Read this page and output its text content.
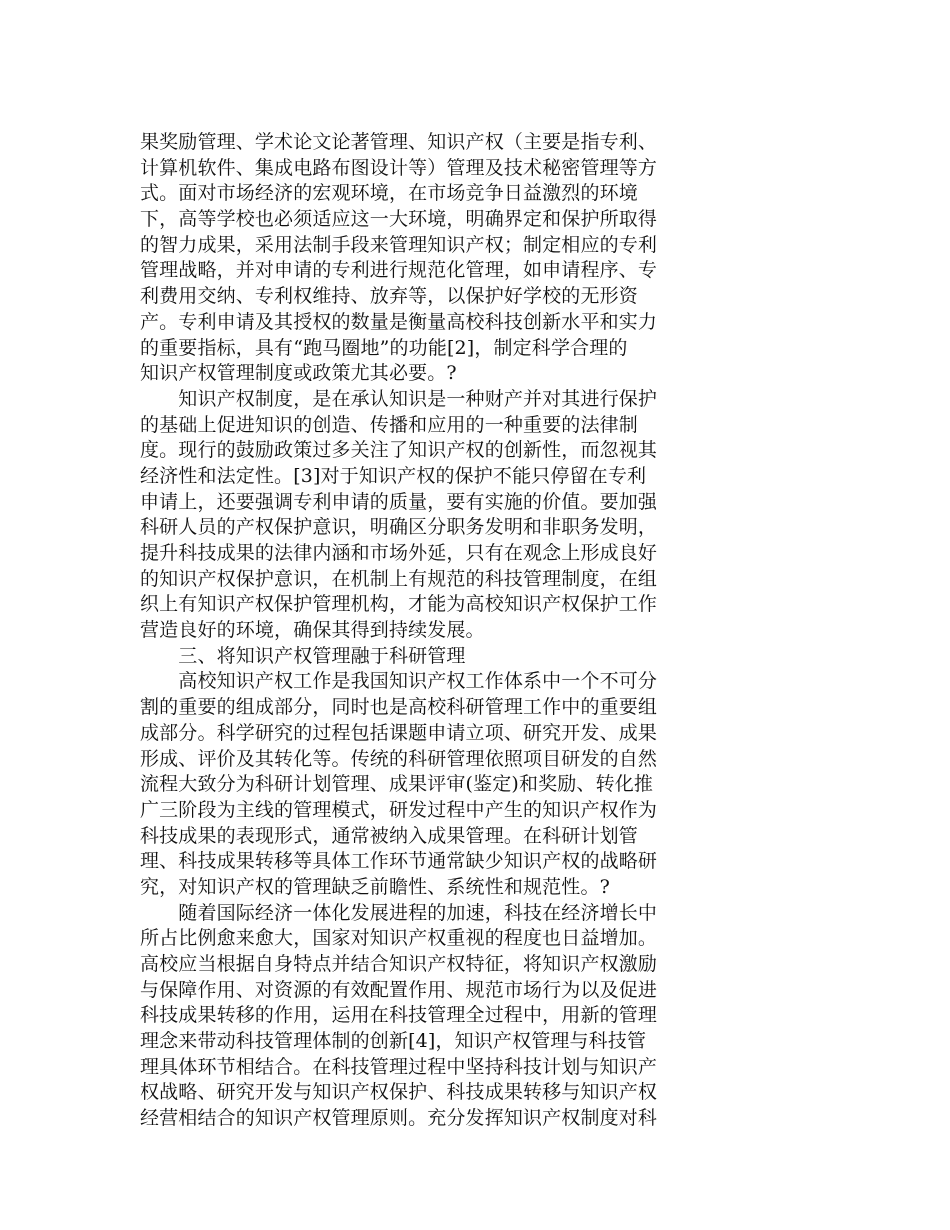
果奖励管理、学术论文论著管理、知识产权（主要是指专利、
计算机软件、集成电路布图设计等）管理及技术秘密管理等方
式。面对市场经济的宏观环境，在市场竞争日益激烈的环境
下，高等学校也必须适应这一大环境，明确界定和保护所取得
的智力成果，采用法制手段来管理知识产权；制定相应的专利
管理战略，并对申请的专利进行规范化管理，如申请程序、专
利费用交纳、专利权维持、放弃等，以保护好学校的无形资
产。专利申请及其授权的数量是衡量高校科技创新水平和实力
的重要指标，具有“跑马圈地”的功能[2]，制定科学合理的
知识产权管理制度或政策尤其必要。?
　　知识产权制度，是在承认知识是一种财产并对其进行保护
的基础上促进知识的创造、传播和应用的一种重要的法律制
度。现行的鼓励政策过多关注了知识产权的创新性，而忽视其
经济性和法定性。[3]对于知识产权的保护不能只停留在专利
申请上，还要强调专利申请的质量，要有实施的价值。要加强
科研人员的产权保护意识，明确区分职务发明和非职务发明，
提升科技成果的法律内涵和市场外延，只有在观念上形成良好
的知识产权保护意识，在机制上有规范的科技管理制度，在组
织上有知识产权保护管理机构，才能为高校知识产权保护工作
营造良好的环境，确保其得到持续发展。
　　三、将知识产权管理融于科研管理
　　高校知识产权工作是我国知识产权工作体系中一个不可分
割的重要的组成部分，同时也是高校科研管理工作中的重要组
成部分。科学研究的过程包括课题申请立项、研究开发、成果
形成、评价及其转化等。传统的科研管理依照项目研发的自然
流程大致分为科研计划管理、成果评审(鉴定)和奖励、转化推
广三阶段为主线的管理模式，研发过程中产生的知识产权作为
科技成果的表现形式，通常被纳入成果管理。在科研计划管
理、科技成果转移等具体工作环节通常缺少知识产权的战略研
究，对知识产权的管理缺乏前瞻性、系统性和规范性。?
　　随着国际经济一体化发展进程的加速，科技在经济增长中
所占比例愈来愈大，国家对知识产权重视的程度也日益增加。
高校应当根据自身特点并结合知识产权特征，将知识产权激励
与保障作用、对资源的有效配置作用、规范市场行为以及促进
科技成果转移的作用，运用在科技管理全过程中，用新的管理
理念来带动科技管理体制的创新[4]，知识产权管理与科技管
理具体环节相结合。在科技管理过程中坚持科技计划与知识产
权战略、研究开发与知识产权保护、科技成果转移与知识产权
经营相结合的知识产权管理原则。充分发挥知识产权制度对科
